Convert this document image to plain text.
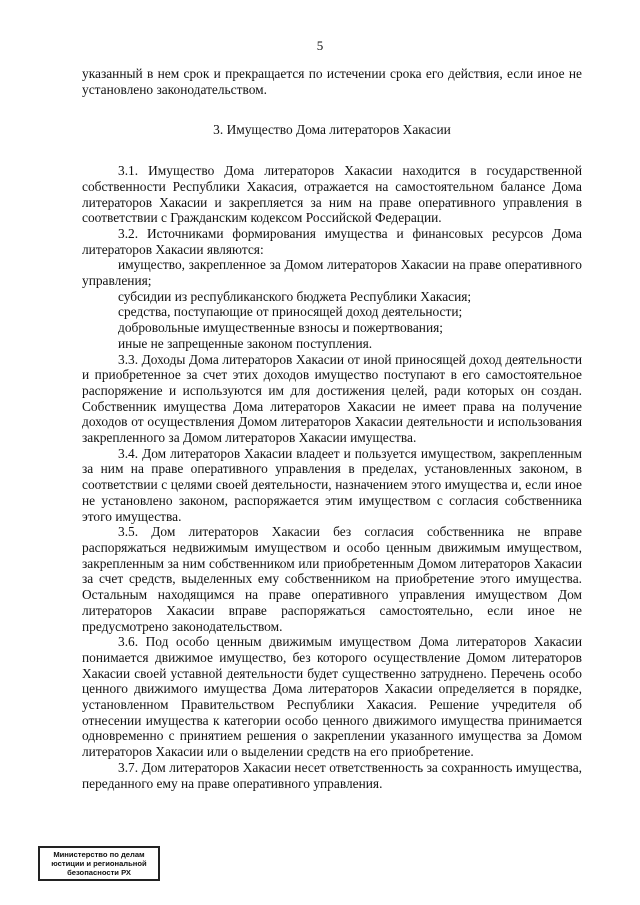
5

указанный в нем срок и прекращается по истечении срока его действия, если иное не установлено законодательством.

3. Имущество Дома литераторов Хакасии

3.1. Имущество Дома литераторов Хакасии находится в государственной собственности Республики Хакасия, отражается на самостоятельном балансе Дома литераторов Хакасии и закрепляется за ним на праве оперативного управления в соответствии с Гражданским кодексом Российской Федерации.

3.2. Источниками формирования имущества и финансовых ресурсов Дома литераторов Хакасии являются:

имущество, закрепленное за Домом литераторов Хакасии на праве оперативного управления;

субсидии из республиканского бюджета Республики Хакасия;

средства, поступающие от приносящей доход деятельности;

добровольные имущественные взносы и пожертвования;

иные не запрещенные законом поступления.

3.3. Доходы Дома литераторов Хакасии от иной приносящей доход деятельности и приобретенное за счет этих доходов имущество поступают в его самостоятельное распоряжение и используются им для достижения целей, ради которых он создан. Собственник имущества Дома литераторов Хакасии не имеет права на получение доходов от осуществления Домом литераторов Хакасии деятельности и использования закрепленного за Домом литераторов Хакасии имущества.

3.4. Дом литераторов Хакасии владеет и пользуется имуществом, закрепленным за ним на праве оперативного управления в пределах, установленных законом, в соответствии с целями своей деятельности, назначением этого имущества и, если иное не установлено законом, распоряжается этим имуществом с согласия собственника этого имущества.

3.5. Дом литераторов Хакасии без согласия собственника не вправе распоряжаться недвижимым имуществом и особо ценным движимым имуществом, закрепленным за ним собственником или приобретенным Домом литераторов Хакасии за счет средств, выделенных ему собственником на приобретение этого имущества. Остальным находящимся на праве оперативного управления имуществом Дом литераторов Хакасии вправе распоряжаться самостоятельно, если иное не предусмотрено законодательством.

3.6. Под особо ценным движимым имуществом Дома литераторов Хакасии понимается движимое имущество, без которого осуществление Домом литераторов Хакасии своей уставной деятельности будет существенно затруднено. Перечень особо ценного движимого имущества Дома литераторов Хакасии определяется в порядке, установленном Правительством Республики Хакасия. Решение учредителя об отнесении имущества к категории особо ценного движимого имущества принимается одновременно с принятием решения о закреплении указанного имущества за Домом литераторов Хакасии или о выделении средств на его приобретение.

3.7. Дом литераторов Хакасии несет ответственность за сохранность имущества, переданного ему на праве оперативного управления.

Министерство по делам
юстиции и региональной
безопасности РХ
